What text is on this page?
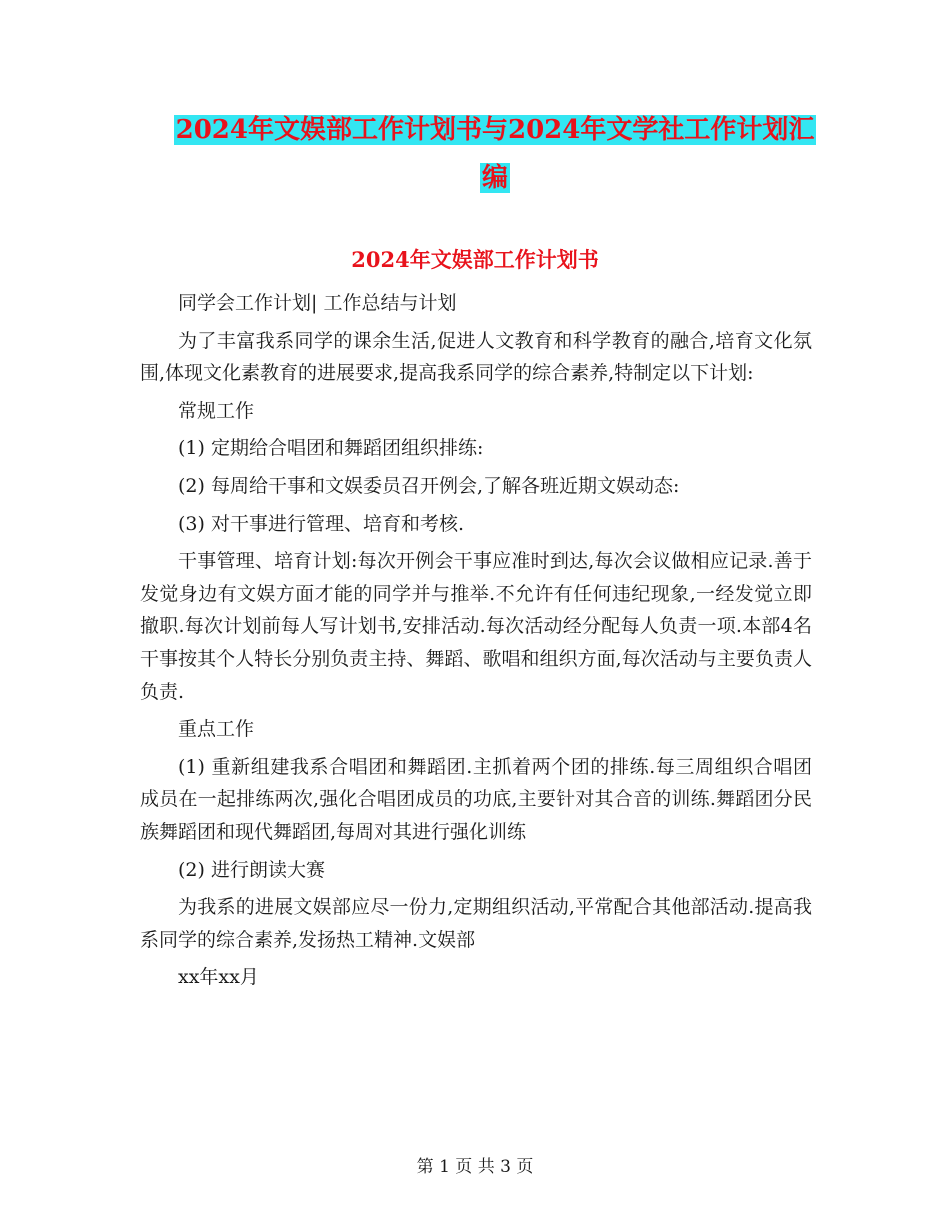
2024年文娱部工作计划书与2024年文学社工作计划汇
编
2024年文娱部工作计划书

同学会工作计划| 工作总结与计划

为了丰富我系同学的课余生活,促进人文教育和科学教育的融合,培育文化氛围,体现文化素教育的进展要求,提高我系同学的综合素养,特制定以下计划:

常规工作

(1) 定期给合唱团和舞蹈团组织排练:

(2) 每周给干事和文娱委员召开例会,了解各班近期文娱动态:

(3) 对干事进行管理、培育和考核.

干事管理、培育计划:每次开例会干事应准时到达,每次会议做相应记录.善于发觉身边有文娱方面才能的同学并与推举.不允许有任何违纪现象,一经发觉立即撤职.每次计划前每人写计划书,安排活动.每次活动经分配每人负责一项.本部4名干事按其个人特长分别负责主持、舞蹈、歌唱和组织方面,每次活动与主要负责人负责.

重点工作

(1) 重新组建我系合唱团和舞蹈团.主抓着两个团的排练.每三周组织合唱团成员在一起排练两次,强化合唱团成员的功底,主要针对其合音的训练.舞蹈团分民族舞蹈团和现代舞蹈团,每周对其进行强化训练

(2) 进行朗读大赛

为我系的进展文娱部应尽一份力,定期组织活动,平常配合其他部活动.提高我系同学的综合素养,发扬热工精神.文娱部

xx年xx月

第 1 页 共 3 页
